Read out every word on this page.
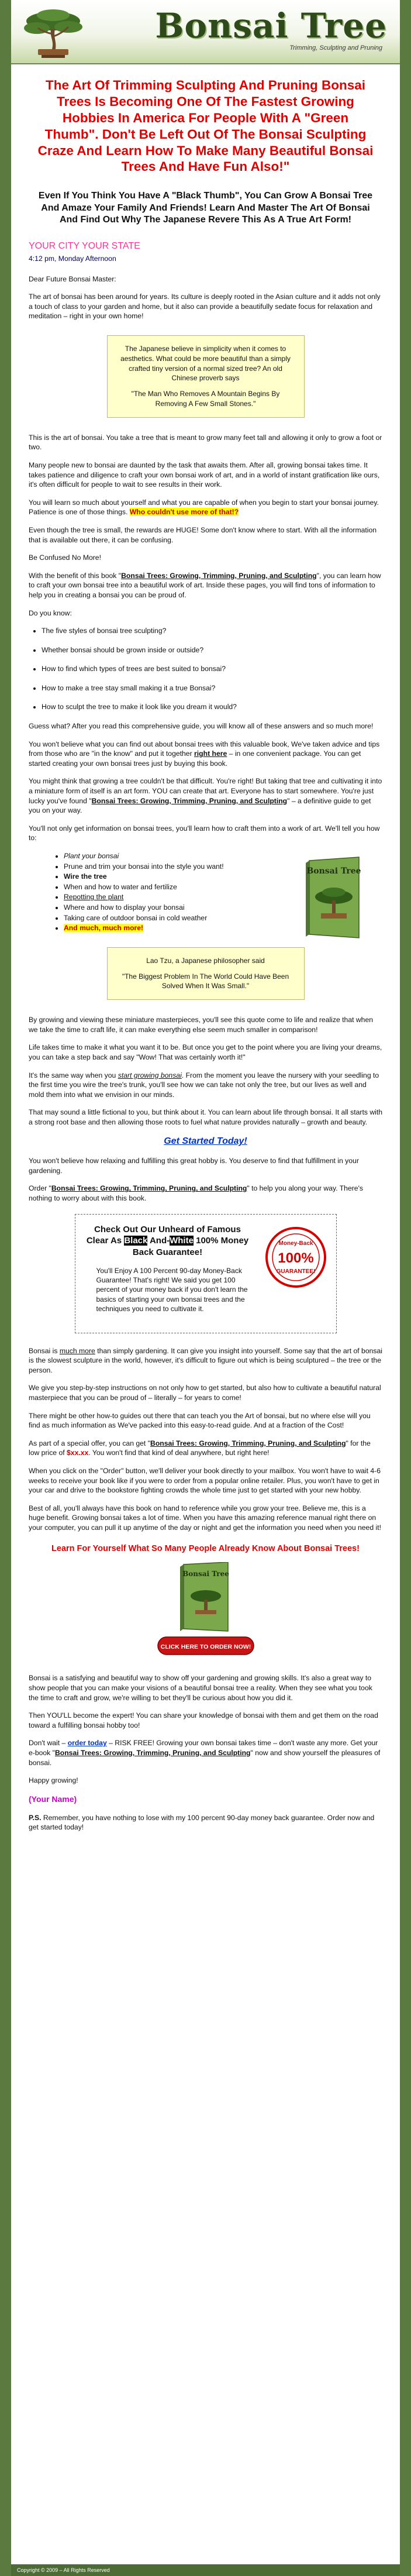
Bonsai Tree
Trimming, Sculpting and Pruning
The Art Of Trimming Sculpting And Pruning Bonsai Trees Is Becoming One Of The Fastest Growing Hobbies In America For People With A "Green Thumb". Don't Be Left Out Of The Bonsai Sculpting Craze And Learn How To Make Many Beautiful Bonsai Trees And Have Fun Also!"
Even If You Think You Have A "Black Thumb", You Can Grow A Bonsai Tree And Amaze Your Family And Friends! Learn And Master The Art Of Bonsai And Find Out Why The Japanese Revere This As A True Art Form!
YOUR CITY YOUR STATE
4:12 pm, Monday Afternoon

Dear Future Bonsai Master:

The art of bonsai has been around for years. Its culture is deeply rooted in the Asian culture and it adds not only a touch of class to your garden and home, but it also can provide a beautifully sedate focus for relaxation and meditation – right in your own home!

The Japanese believe in simplicity when it comes to aesthetics. What could be more beautiful than a simply crafted tiny version of a normal sized tree? An old Chinese proverb says
"The Man Who Removes A Mountain Begins By Removing A Few Small Stones."

This is the art of bonsai. You take a tree that is meant to grow many feet tall and allowing it only to grow a foot or two.

Many people new to bonsai are daunted by the task that awaits them. After all, growing bonsai takes time. It takes patience and diligence to craft your own bonsai work of art, and in a world of instant gratification like ours, it's often difficult for people to wait to see results in their work.

You will learn so much about yourself and what you are capable of when you begin to start your bonsai journey. Patience is one of those things. Who couldn't use more of that!?

Even though the tree is small, the rewards are HUGE! Some don't know where to start. With all the information that is available out there, it can be confusing.

Be Confused No More!

With the benefit of this book "Bonsai Trees: Growing, Trimming, Pruning, and Sculpting", you can learn how to craft your own bonsai tree into a beautiful work of art. Inside these pages, you will find tons of information to help you in creating a bonsai you can be proud of.

Do you know:

• The five styles of bonsai tree sculpting?
• Whether bonsai should be grown inside or outside?
• How to find which types of trees are best suited to bonsai?
• How to make a tree stay small making it a true Bonsai?
• How to sculpt the tree to make it look like you dream it would?

Guess what? After you read this comprehensive guide, you will know all of these answers and so much more!

You won't believe what you can find out about bonsai trees with this valuable book, We've taken advice and tips from those who are "in the know" and put it together right here – in one convenient package. You can get started creating your own bonsai trees just by buying this book.

You might think that growing a tree couldn't be that difficult. You're right! But taking that tree and cultivating it into a miniature form of itself is an art form. YOU can create that art. Everyone has to start somewhere. You're just lucky you've found "Bonsai Trees: Growing, Trimming, Pruning, and Sculpting" – a definitive guide to get you on your way.

You'll not only get information on bonsai trees, you'll learn how to craft them into a work of art. We'll tell you how to:

• Plant your bonsai
• Prune and trim your bonsai into the style you want!
• Wire the tree
• When and how to water and fertilize
• Repotting the plant
• Where and how to display your bonsai
• Taking care of outdoor bonsai in cold weather
• And much, much more!
Bonsai Tree
Lao Tzu, a Japanese philosopher said
"The Biggest Problem In The World Could Have Been Solved When It Was Small."

By growing and viewing these miniature masterpieces, you'll see this quote come to life and realize that when we take the time to craft life, it can make everything else seem much smaller in comparison!

Life takes time to make it what you want it to be. But once you get to the point where you are living your dreams, you can take a step back and say "Wow! That was certainly worth it!"

It's the same way when you start growing bonsai. From the moment you leave the nursery with your seedling to the first time you wire the tree's trunk, you'll see how we can take not only the tree, but our lives as well and mold them into what we envision in our minds.

That may sound a little fictional to you, but think about it. You can learn about life through bonsai. It all starts with a strong root base and then allowing those roots to fuel what nature provides naturally – growth and beauty.

Get Started Today!

You won't believe how relaxing and fulfilling this great hobby is. You deserve to find that fulfillment in your gardening.

Order "Bonsai Trees: Growing, Trimming, Pruning, and Sculpting" to help you along your way. There's nothing to worry about with this book.

Check Out Our Unheard of Famous Clear As Black And-White 100% Money Back Guarantee!
You'll Enjoy A 100 Percent 90-day Money-Back Guarantee! That's right! We said you get 100 percent of your money back if you don't learn the basics of starting your own bonsai trees and the techniques you need to cultivate it.
Money-Back
100%
GUARANTEE!

Bonsai is much more than simply gardening. It can give you insight into yourself. Some say that the art of bonsai is the slowest sculpture in the world, however, it's difficult to figure out which is being sculptured – the tree or the person.

We give you step-by-step instructions on not only how to get started, but also how to cultivate a beautiful natural masterpiece that you can be proud of – literally – for years to come!

There might be other how-to guides out there that can teach you the Art of bonsai, but no where else will you find as much information as We've packed into this easy-to-read guide. And at a fraction of the Cost!

As part of a special offer, you can get "Bonsai Trees: Growing, Trimming, Pruning, and Sculpting" for the low price of $xx.xx. You won't find that kind of deal anywhere, but right here!

When you click on the "Order" button, we'll deliver your book directly to your mailbox. You won't have to wait 4-6 weeks to receive your book like if you were to order from a popular online retailer. Plus, you won't have to get in your car and drive to the bookstore fighting crowds the whole time just to get started with your new hobby.

Best of all, you'll always have this book on hand to reference while you grow your tree. Believe me, this is a huge benefit. Growing bonsai takes a lot of time. When you have this amazing reference manual right there on your computer, you can pull it up anytime of the day or night and get the information you need when you need it!

Learn For Yourself What So Many People Already Know About Bonsai Trees!
Bonsai Tree
CLICK HERE TO ORDER NOW!

Bonsai is a satisfying and beautiful way to show off your gardening and growing skills. It's also a great way to show people that you can make your visions of a beautiful bonsai tree a reality. When they see what you took the time to craft and grow, we're willing to bet they'll be curious about how you did it.

Then YOU'LL become the expert! You can share your knowledge of bonsai with them and get them on the road toward a fulfilling bonsai hobby too!

Don't wait – order today – RISK FREE! Growing your own bonsai takes time – don't waste any more. Get your e-book "Bonsai Trees: Growing, Trimming, Pruning, and Sculpting" now and show yourself the pleasures of bonsai.

Happy growing!

(Your Name)

P.S. Remember, you have nothing to lose with my 100 percent 90-day money back guarantee. Order now and get started today!

Copyright © 2009 – All Rights Reserved
